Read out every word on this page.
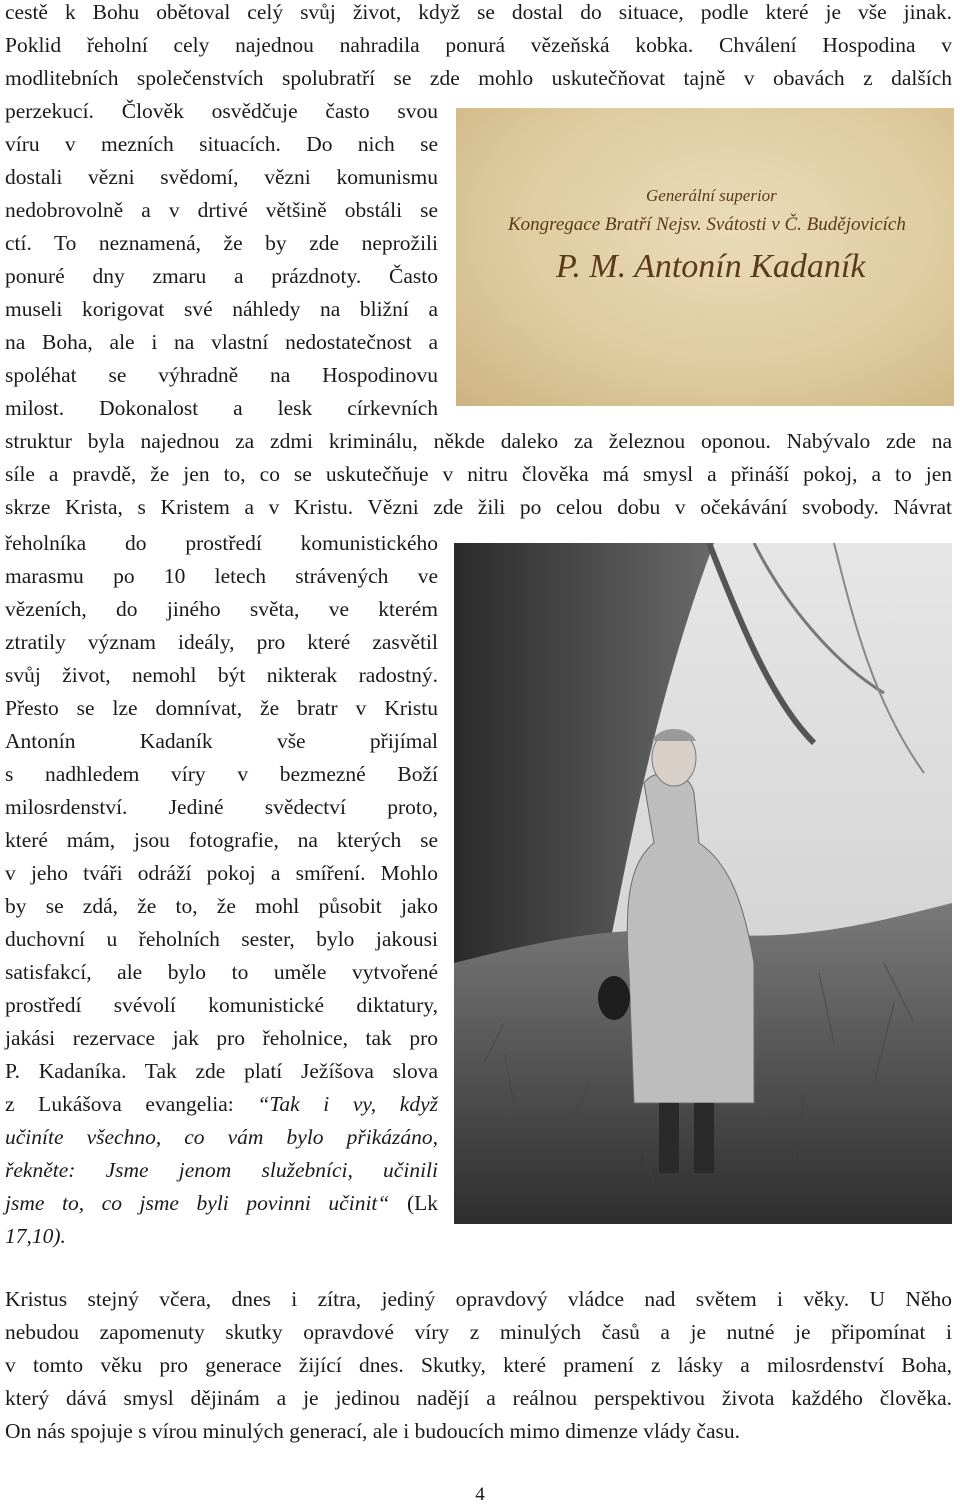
cestě k Bohu obětoval celý svůj život, když se dostal do situace, podle které je vše jinak.
Poklid řeholní cely najednou nahradila ponurá vězeňská kobka. Chválení Hospodina v
modlitebních společenstvích spolubratří se zde mohlo uskutečňovat tajně v obavách z dalších
perzekucí. Člověk osvědčuje často svou
víru v mezních situacích. Do nich se
dostali vězni svědomí, vězni komunismu
nedobrovolně a v drtivé většině obstáli se
ctí. To neznamená, že by zde neprožili
ponuré dny zmaru a prázdnoty. Často
museli korigovat své náhledy na bližní a
na Boha, ale i na vlastní nedostatečnost a
spoléhat se výhradně na Hospodinovu
milost. Dokonalost a lesk církevních
Generální superior
Kongregace Bratří Nejsv. Svátosti v Č. Budějovicích
P. M. Antonín Kadaník
struktur byla najednou za zdmi kriminálu, někde daleko za železnou oponou. Nabývalo zde na
síle a pravdě, že jen to, co se uskutečňuje v nitru člověka má smysl a přináší pokoj, a to jen
skrze Krista, s Kristem a v Kristu. Vězni zde žili po celou dobu v očekávání svobody. Návrat
řeholníka do prostředí komunistického
marasmu po 10 letech strávených ve
vězeních, do jiného světa, ve kterém
ztratily význam ideály, pro které zasvětil
svůj život, nemohl být nikterak radostný.
Přesto se lze domnívat, že bratr v Kristu
Antonín Kadaník vše přijímal
s nadhledem víry v bezmezné Boží
milosrdenství. Jediné svědectví proto,
které mám, jsou fotografie, na kterých se
v jeho tváři odráží pokoj a smíření. Mohlo
by se zdá, že to, že mohl působit jako
duchovní u řeholních sester, bylo jakousi
satisfakcí, ale bylo to uměle vytvořené
prostředí svévolí komunistické diktatury,
jakási rezervace jak pro řeholnice, tak pro
P. Kadaníka. Tak zde platí Ježíšova slova
z Lukášova evangelia: “Tak i vy, když
učiníte všechno, co vám bylo přikázáno,
řekněte: Jsme jenom služebníci, učinili
jsme to, co jsme byli povinni učinit“ (Lk
17,10).
Kristus stejný včera, dnes i zítra, jediný opravdový vládce nad světem i věky. U Něho
nebudou zapomenuty skutky opravdové víry z minulých časů a je nutné je připomínat i
v tomto věku pro generace žijící dnes. Skutky, které pramení z lásky a milosrdenství Boha,
který dává smysl dějinám a je jedinou nadějí a reálnou perspektivou života každého člověka.
On nás spojuje s vírou minulých generací, ale i budoucích mimo dimenze vlády času.
4
